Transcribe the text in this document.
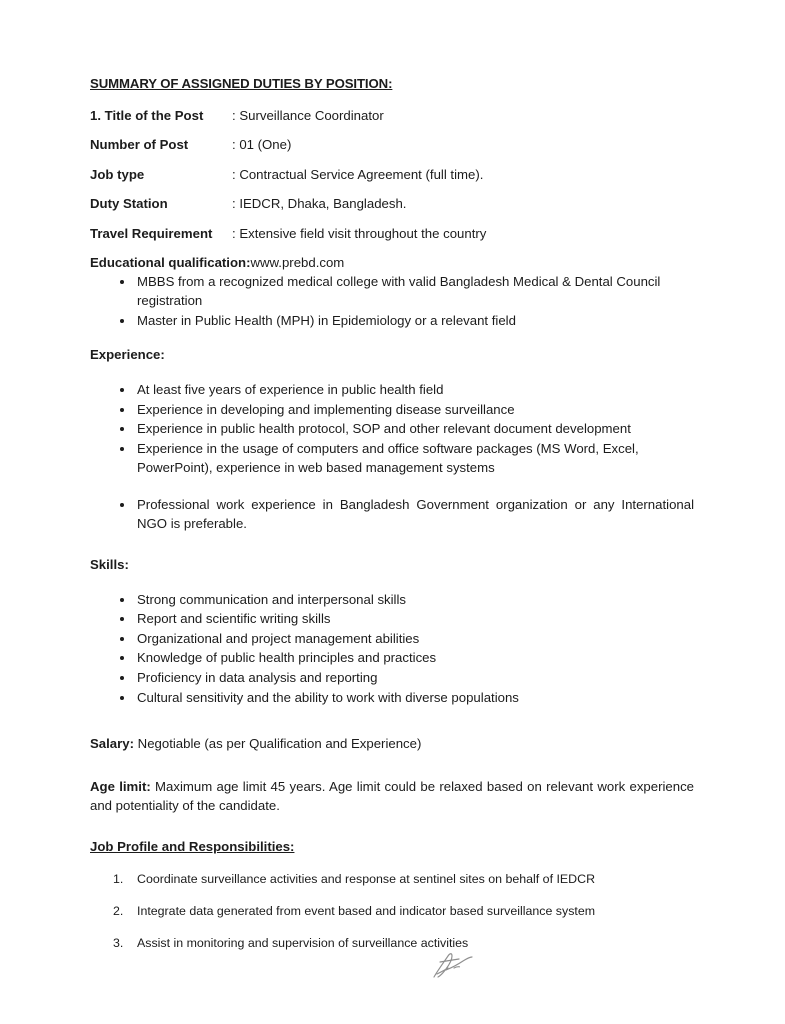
SUMMARY OF ASSIGNED DUTIES BY POSITION:
1. Title of the Post	: Surveillance Coordinator
Number of Post	: 01 (One)
Job type	: Contractual Service Agreement (full time).
Duty Station	: IEDCR, Dhaka, Bangladesh.
Travel Requirement	: Extensive field visit throughout the country
Educational qualification:www.prebd.com
MBBS from a recognized medical college with valid Bangladesh Medical & Dental Council registration
Master in Public Health (MPH) in Epidemiology or a relevant field
Experience:
At least five years of experience in public health field
Experience in developing and implementing disease surveillance
Experience in public health protocol, SOP and other relevant document development
Experience in the usage of computers and office software packages (MS Word, Excel, PowerPoint), experience in web based management systems
Professional work experience in Bangladesh Government organization or any International NGO is preferable.
Skills:
Strong communication and interpersonal skills
Report and scientific writing skills
Organizational and project management abilities
Knowledge of public health principles and practices
Proficiency in data analysis and reporting
Cultural sensitivity and the ability to work with diverse populations
Salary: Negotiable (as per Qualification and Experience)
Age limit: Maximum age limit 45 years. Age limit could be relaxed based on relevant work experience and potentiality of the candidate.
Job Profile and Responsibilities:
Coordinate surveillance activities and response at sentinel sites on behalf of IEDCR
Integrate data generated from event based and indicator based surveillance system
Assist in monitoring and supervision of surveillance activities
